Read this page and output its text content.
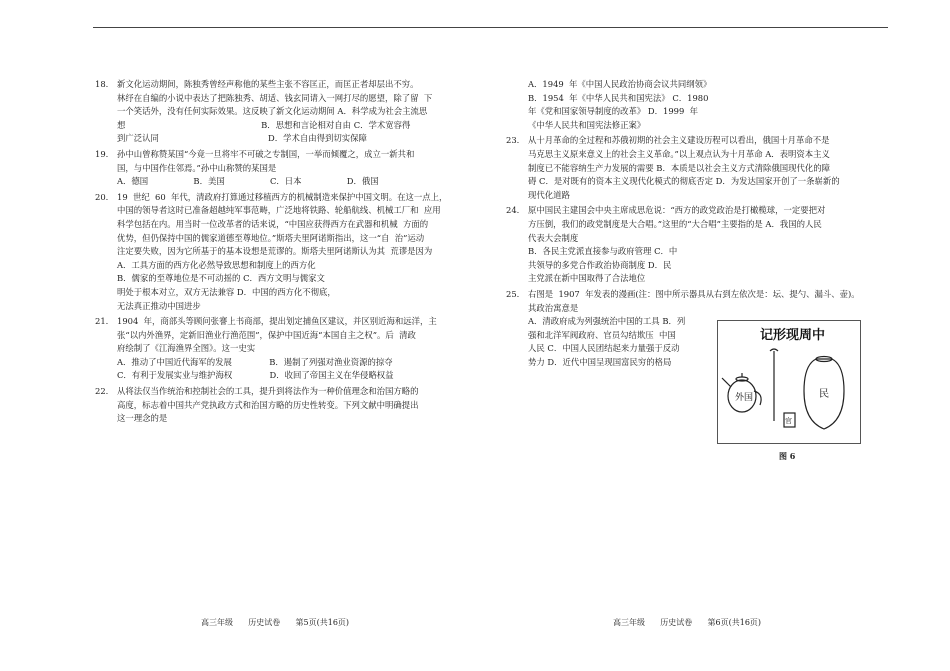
18. 新文化运动期间，陈独秀曾经声称他的某些主张不容匡正，而匡正者却层出不穷。
林纾在自编的小说中表达了把陈独秀、胡适、钱玄同请入一网打尽的愿望，除了留  下
一个笑话外，没有任何实际效果。这反映了新文化运动期间 A．科学成为社会主流思
想                                                   B．思想和言论相对自由 C．学术宽容得
到广泛认同                                         D．学术自由得到切实保障
19. 孙中山曾称赞某国“今竟一旦将牢不可破之专制国，一举而倾覆之，成立一新共和
国，与中国作住邻焉。”孙中山称赞的某国是
A．德国                 B．美国                 C．日本                 D．俄国
20. 19  世纪  60  年代，清政府打算通过移植西方的机械制造来保护中国文明。在这一点上，
中国的领导者这时已准备超越纯军事范畴，广泛地将铁路、轮船航线、机械工厂和  应用
科学包括在内。用当时一位改革者的话来说，“中国应获得西方在武器和机械  方面的
优势，但仍保持中国的儒家道德至尊地位。”斯塔夫里阿诺斯指出，这一“自  治”运动
注定要失败，因为它所基于的基本设想是荒谬的。斯塔夫里阿诺斯认为其  荒谬是因为
A．工具方面的西方化必然导致思想和制度上的西方化
B．儒家的至尊地位是不可动摇的 C．西方文明与儒家文
明处于根本对立，双方无法兼容 D．中国的西方化不彻底，
无法真正推动中国进步
21. 1904  年，商部头等顾问张謇上书商部，提出划定捕鱼区建议，并区别近海和远洋，主
张“以内外渔界，定新旧渔业行渔范围”，保护中国近海“本国自主之权”。后  清政
府绘制了《江海渔界全图》。这一史实
A．推动了中国近代海军的发展              B．遏制了列强对渔业资源的掠夺
C．有利于发展实业与维护海权              D．收回了帝国主义在华侵略权益
22. 从将法仅当作统治和控制社会的工具，提升到将法作为一种价值理念和治国方略的
高度，标志着中国共产党执政方式和治国方略的历史性转变。下列文献中明确提出
这一理念的是
A．1949  年《中国人民政治协商会议共同纲领》
B．1954  年《中华人民共和国宪法》 C．1980
年《党和国家领导制度的改革》 D．1999  年
《中华人民共和国宪法修正案》
23. 从十月革命的全过程和苏俄初期的社会主义建设历程可以看出，俄国十月革命不是
马克思主义原来意义上的社会主义革命。”以上观点认为十月革命 A．表明资本主义
制度已不能容纳生产力发展的需要 B．本质是以社会主义方式清除俄国现代化的障
碍 C．是对既有的资本主义现代化模式的彻底否定 D．为发达国家开创了一条崭新的
现代化道路
24. 原中国民主建国会中央主席成思危说：“西方的政党政治是打橄榄球，一定要把对
方压倒，我们的政党制度是大合唱。”这里的“大合唱”主要指的是 A．我国的人民
代表大会制度
B．各民主党派直接参与政府管理 C．中
共领导的多党合作政治协商制度 D．民
主党派在新中国取得了合法地位
25. 右图是  1907  年发表的漫画(注：图中所示器具从右到左依次是：坛、提勺、漏斗、壶)。
其政治寓意是
A．清政府成为列强统治中国的工具 B．列
强和北洋军阀政府、官员勾结欺压  中国
人民 C．中国人民团结起来力量强于反动
势力 D．近代中国呈现国富民穷的格局
记形现周中
外国
官
民
图 6
高三年级      历史试卷      第5页(共16页)	高三年级      历史试卷      第6页(共16页)
